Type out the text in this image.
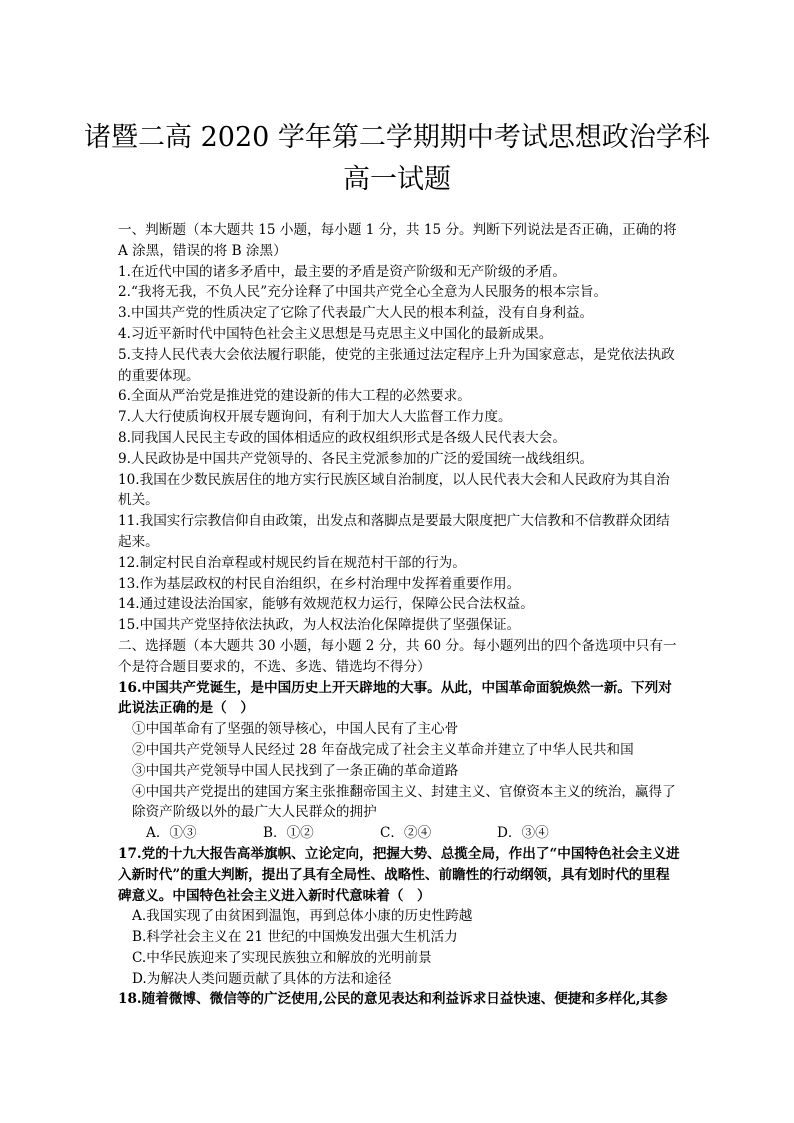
诸暨二高 2020 学年第二学期期中考试思想政治学科
高一试题

一、判断题（本大题共 15 小题，每小题 1 分，共 15 分。判断下列说法是否正确，正确的将 A 涂黑，错误的将 B 涂黑）

1.在近代中国的诸多矛盾中，最主要的矛盾是资产阶级和无产阶级的矛盾。

2.“我将无我，不负人民”充分诠释了中国共产党全心全意为人民服务的根本宗旨。

3.中国共产党的性质决定了它除了代表最广大人民的根本利益，没有自身利益。

4.习近平新时代中国特色社会主义思想是马克思主义中国化的最新成果。

5.支持人民代表大会依法履行职能，使党的主张通过法定程序上升为国家意志，是党依法执政的重要体现。

6.全面从严治党是推进党的建设新的伟大工程的必然要求。

7.人大行使质询权开展专题询问，有利于加大人大监督工作力度。

8.同我国人民民主专政的国体相适应的政权组织形式是各级人民代表大会。

9.人民政协是中国共产党领导的、各民主党派参加的广泛的爱国统一战线组织。

10.我国在少数民族居住的地方实行民族区域自治制度，以人民代表大会和人民政府为其自治机关。

11.我国实行宗教信仰自由政策，出发点和落脚点是要最大限度把广大信教和不信教群众团结起来。

12.制定村民自治章程或村规民约旨在规范村干部的行为。

13.作为基层政权的村民自治组织，在乡村治理中发挥着重要作用。

14.通过建设法治国家，能够有效规范权力运行，保障公民合法权益。

15.中国共产党坚持依法执政，为人权法治化保障提供了坚强保证。

二、选择题（本大题共 30 小题，每小题 2 分，共 60 分。每小题列出的四个备选项中只有一个是符合题目要求的，不选、多选、错选均不得分）

16.中国共产党诞生，是中国历史上开天辟地的大事。从此，中国革命面貌焕然一新。下列对此说法正确的是（　）

①中国革命有了坚强的领导核心，中国人民有了主心骨

②中国共产党领导人民经过 28 年奋战完成了社会主义革命并建立了中华人民共和国

③中国共产党领导中国人民找到了一条正确的革命道路

④中国共产党提出的建国方案主张推翻帝国主义、封建主义、官僚资本主义的统治，赢得了除资产阶级以外的最广大人民群众的拥护

A．①③	B．①②	C．②④	D．③④

17.党的十九大报告高举旗帜、立论定向，把握大势、总揽全局，作出了“中国特色社会主义进入新时代”的重大判断，提出了具有全局性、战略性、前瞻性的行动纲领，具有划时代的里程碑意义。中国特色社会主义进入新时代意味着（　）

A.我国实现了由贫困到温饱，再到总体小康的历史性跨越

B.科学社会主义在 21 世纪的中国焕发出强大生机活力

C.中华民族迎来了实现民族独立和解放的光明前景

D.为解决人类问题贡献了具体的方法和途径

18.随着微博、微信等的广泛使用,公民的意见表达和利益诉求日益快速、便捷和多样化,其参
